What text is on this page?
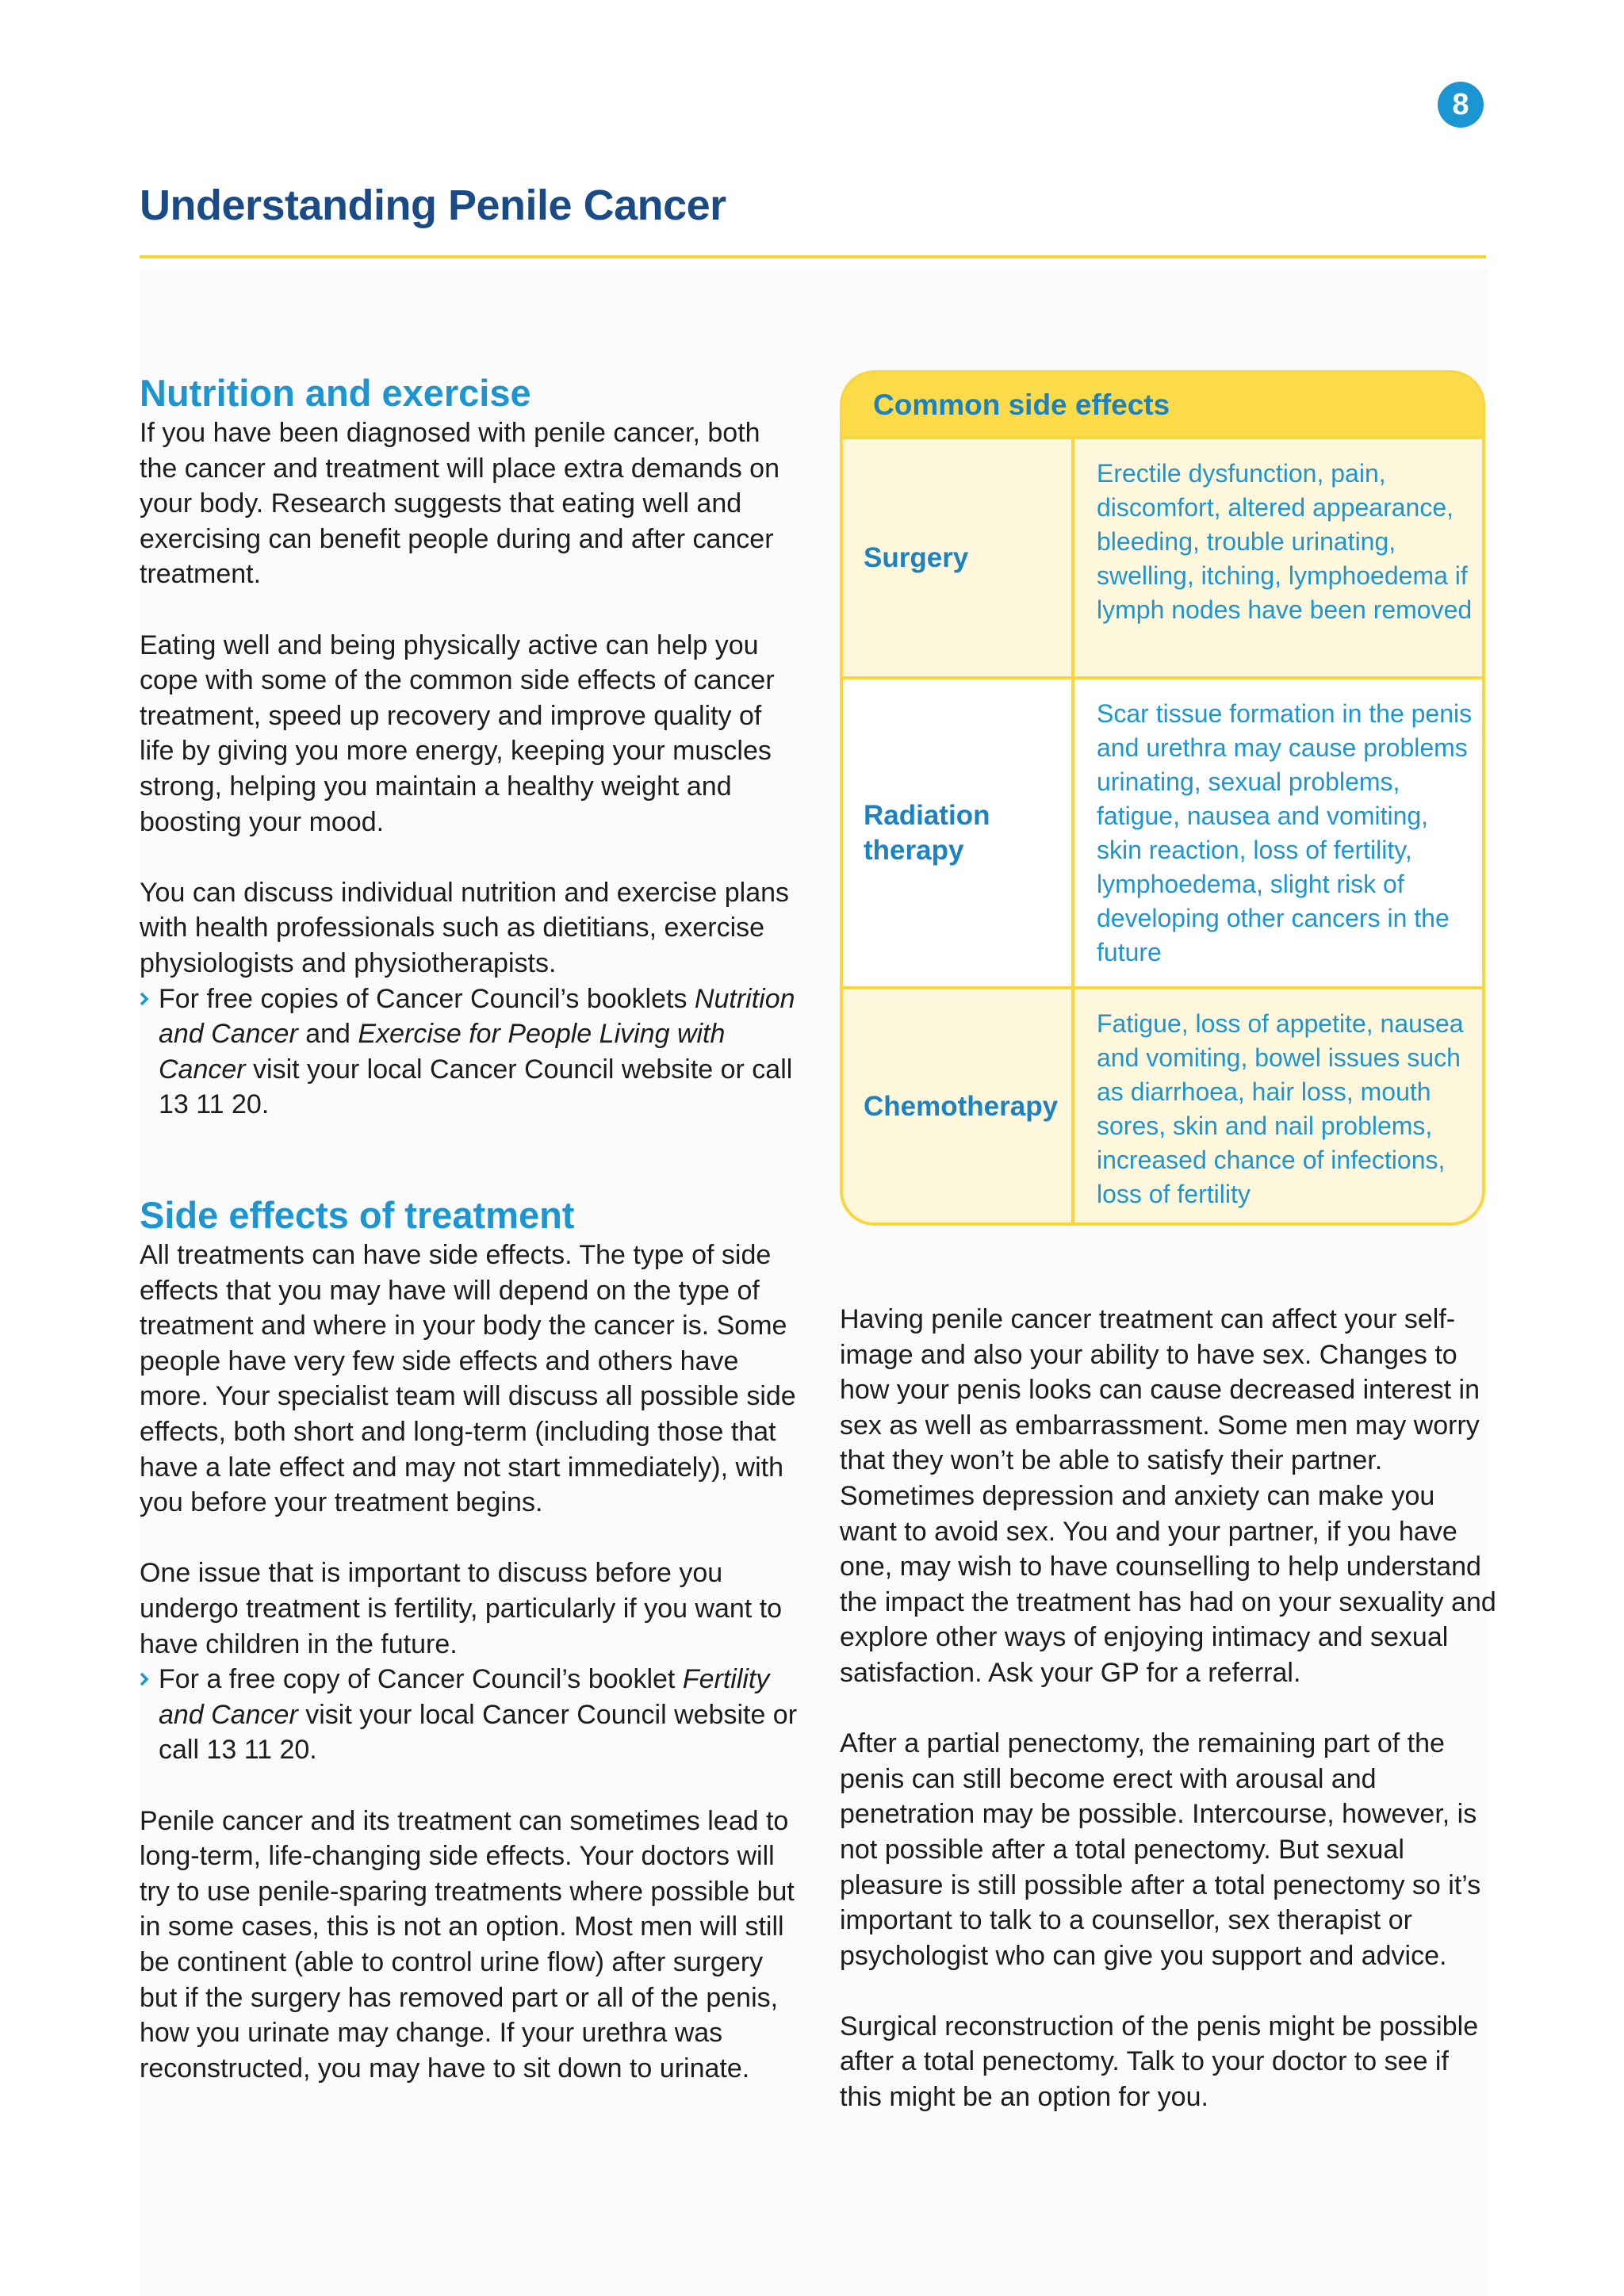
8
Understanding Penile Cancer
Nutrition and exercise

If you have been diagnosed with penile cancer, both the cancer and treatment will place extra demands on your body. Research suggests that eating well and exercising can benefit people during and after cancer treatment.

Eating well and being physically active can help you cope with some of the common side effects of cancer treatment, speed up recovery and improve quality of life by giving you more energy, keeping your muscles strong, helping you maintain a healthy weight and boosting your mood.

You can discuss individual nutrition and exercise plans with health professionals such as dietitians, exercise physiologists and physiotherapists.

For free copies of Cancer Council’s booklets Nutrition and Cancer and Exercise for People Living with Cancer visit your local Cancer Council website or call 13 11 20.
Side effects of treatment

All treatments can have side effects. The type of side effects that you may have will depend on the type of treatment and where in your body the cancer is. Some people have very few side effects and others have more. Your specialist team will discuss all possible side effects, both short and long-term (including those that have a late effect and may not start immediately), with you before your treatment begins.

One issue that is important to discuss before you undergo treatment is fertility, particularly if you want to have children in the future.

For a free copy of Cancer Council’s booklet Fertility and Cancer visit your local Cancer Council website or call 13 11 20.

Penile cancer and its treatment can sometimes lead to long-term, life-changing side effects. Your doctors will try to use penile-sparing treatments where possible but in some cases, this is not an option. Most men will still be continent (able to control urine flow) after surgery but if the surgery has removed part or all of the penis, how you urinate may change. If your urethra was reconstructed, you may have to sit down to urinate.

Common side effects
Surgery
Erectile dysfunction, pain, discomfort, altered appearance, bleeding, trouble urinating, swelling, itching, lymphoedema if lymph nodes have been removed
Radiation therapy
Scar tissue formation in the penis and urethra may cause problems urinating, sexual problems, fatigue, nausea and vomiting, skin reaction, loss of fertility, lymphoedema, slight risk of developing other cancers in the future
Chemotherapy
Fatigue, loss of appetite, nausea and vomiting, bowel issues such as diarrhoea, hair loss, mouth sores, skin and nail problems, increased chance of infections, loss of fertility

Having penile cancer treatment can affect your self-image and also your ability to have sex. Changes to how your penis looks can cause decreased interest in sex as well as embarrassment. Some men may worry that they won’t be able to satisfy their partner. Sometimes depression and anxiety can make you want to avoid sex. You and your partner, if you have one, may wish to have counselling to help understand the impact the treatment has had on your sexuality and explore other ways of enjoying intimacy and sexual satisfaction. Ask your GP for a referral.

After a partial penectomy, the remaining part of the penis can still become erect with arousal and penetration may be possible. Intercourse, however, is not possible after a total penectomy. But sexual pleasure is still possible after a total penectomy so it’s important to talk to a counsellor, sex therapist or psychologist who can give you support and advice.

Surgical reconstruction of the penis might be possible after a total penectomy. Talk to your doctor to see if this might be an option for you.
